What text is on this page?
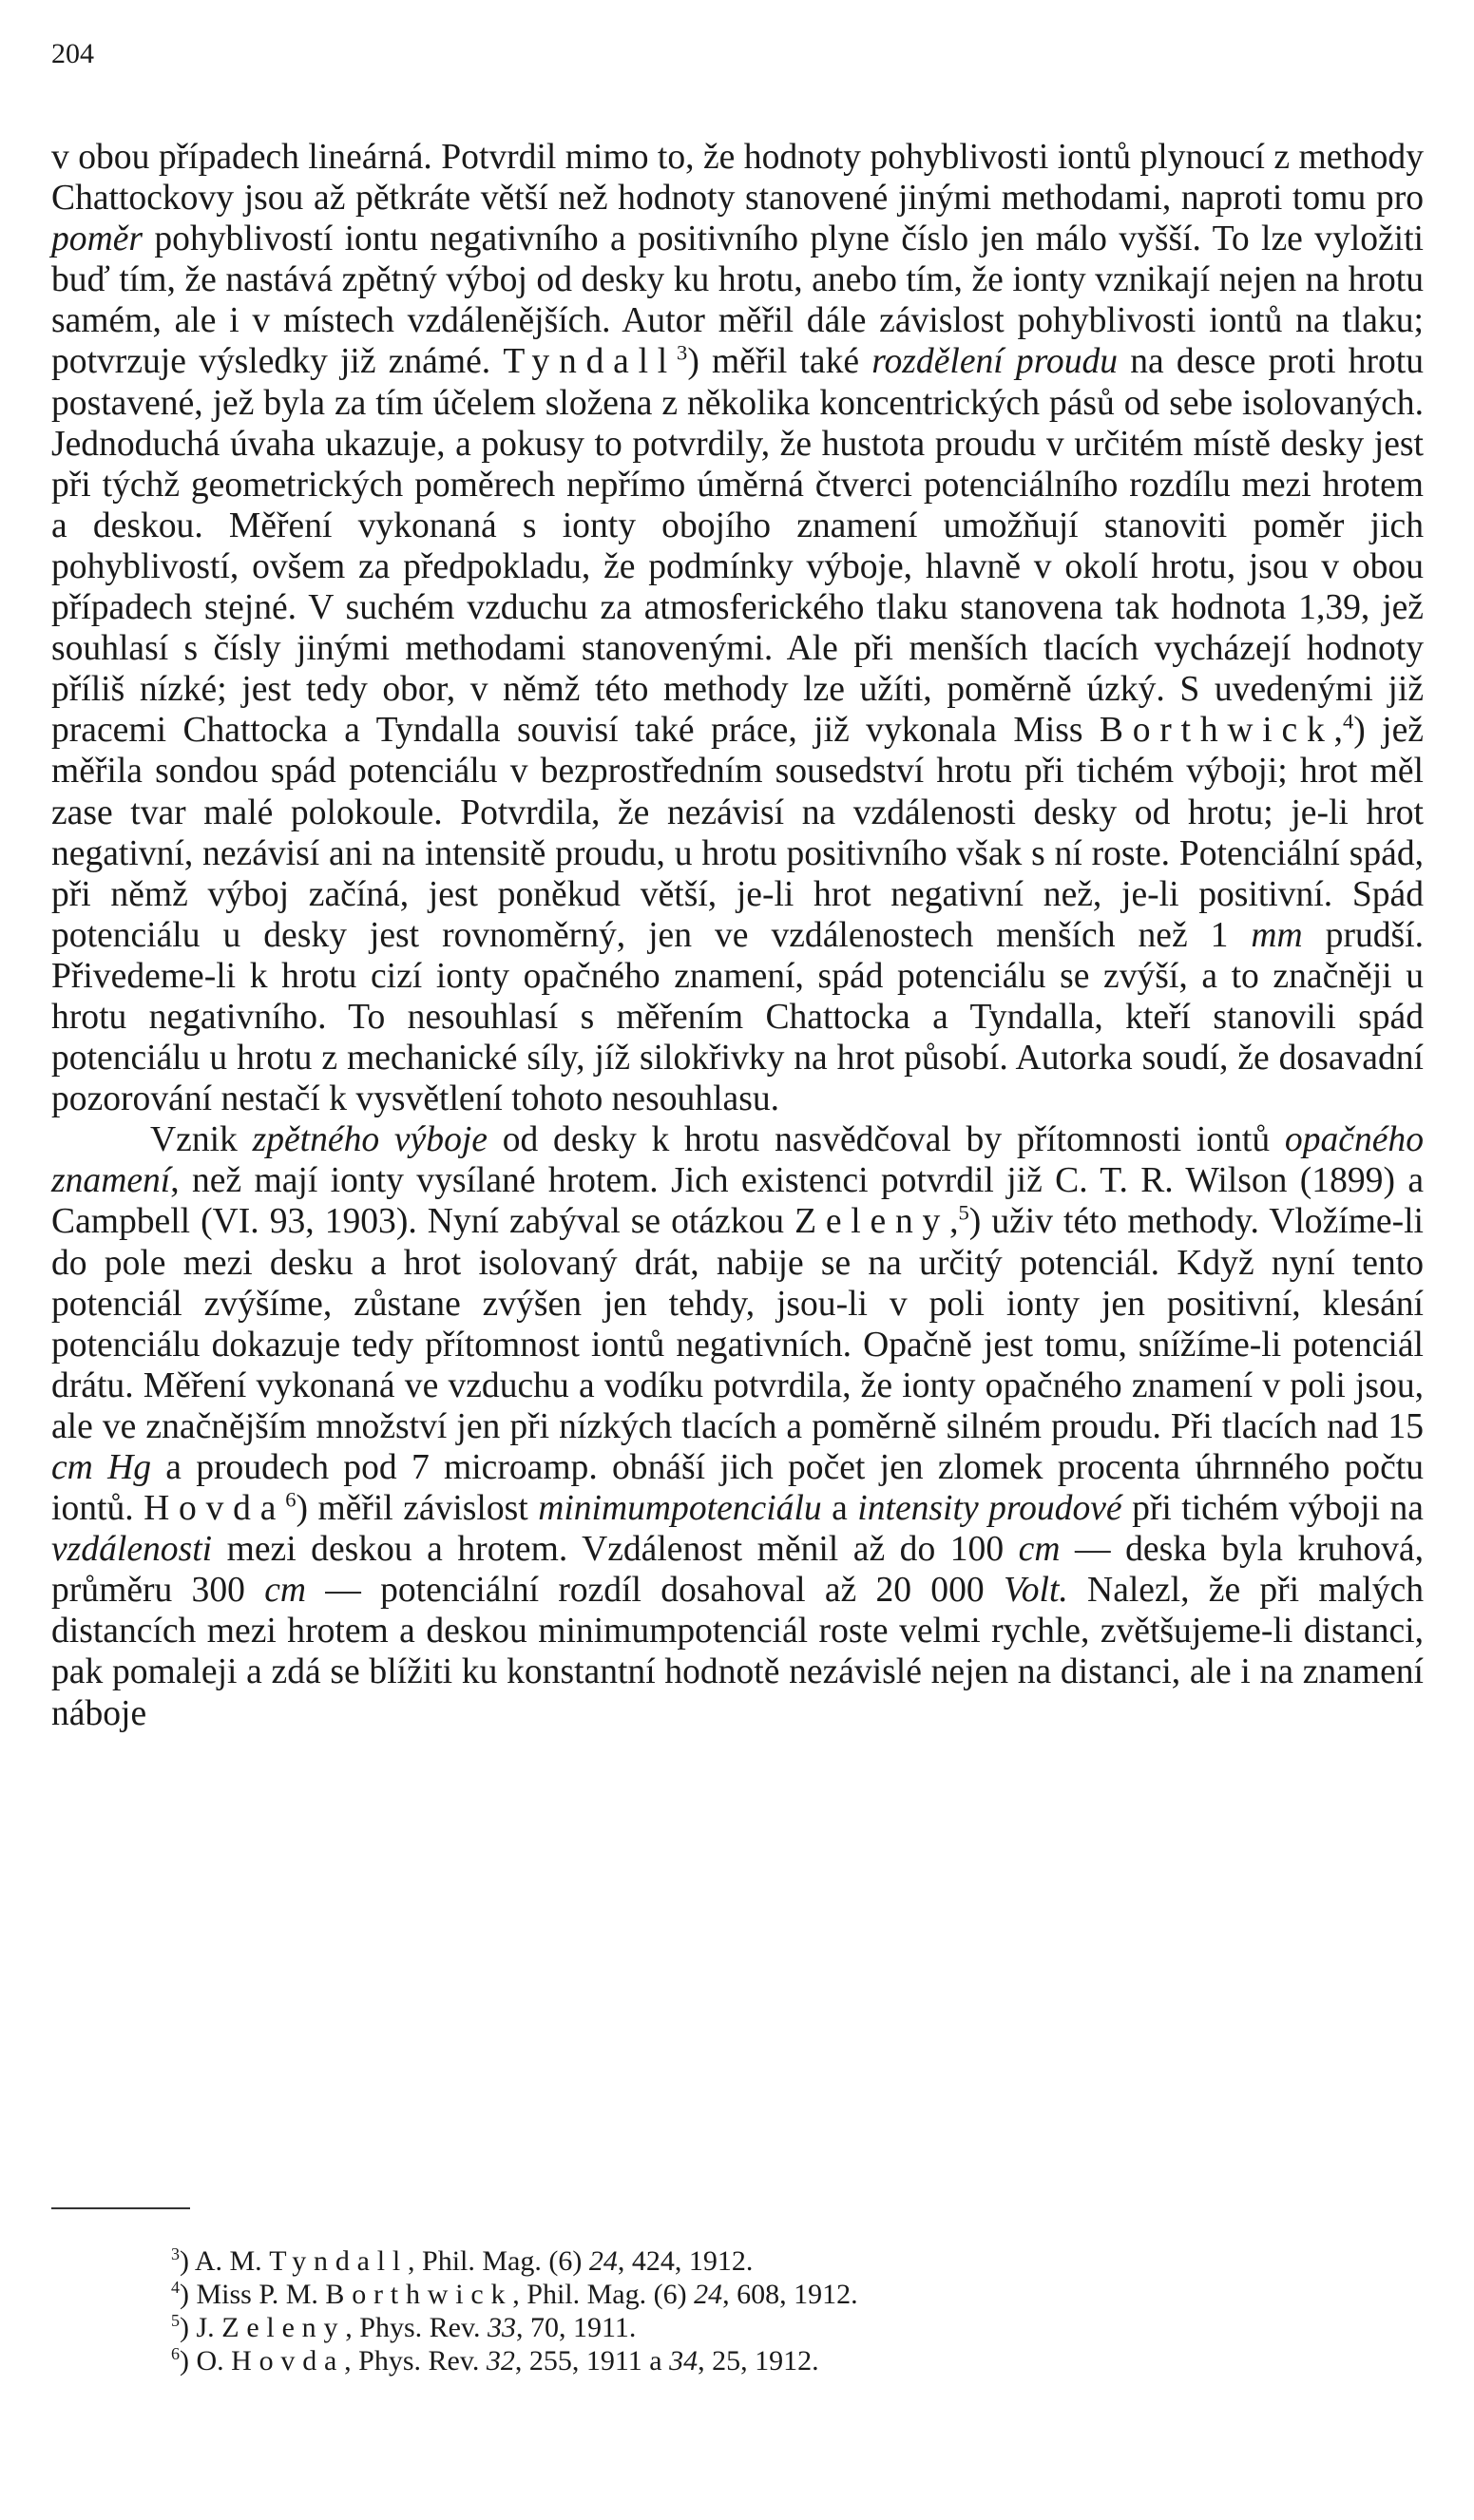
204

v obou případech lineárná. Potvrdil mimo to, že hodnoty pohyblivosti iontů plynoucí z methody Chattockovy jsou až pětkráte větší než hodnoty stanovené jinými methodami, naproti tomu pro poměr pohyblivostí iontu negativního a positivního plyne číslo jen málo vyšší. To lze vyložiti buď tím, že nastává zpětný výboj od desky ku hrotu, anebo tím, že ionty vznikají nejen na hrotu samém, ale i v místech vzdálenějších. Autor měřil dále závislost pohyblivosti iontů na tlaku; potvrzuje výsledky již známé. Tyndall$^3$) měřil také rozdělení proudu na desce proti hrotu postavené, jež byla za tím účelem složena z několika koncentrických pásů od sebe isolovaných. Jednoduchá úvaha ukazuje, a pokusy to potvrdily, že hustota proudu v určitém místě desky jest při týchž geometrických poměrech nepřímo úměrná čtverci potenciálního rozdílu mezi hrotem a deskou. Měření vykonaná s ionty obojího znamení umožňují stanoviti poměr jich pohyblivostí, ovšem za předpokladu, že podmínky výboje, hlavně v okolí hrotu, jsou v obou případech stejné. V suchém vzduchu za atmosferického tlaku stanovena tak hodnota 1,39, jež souhlasí s čísly jinými methodami stanovenými. Ale při menších tlacích vycházejí hodnoty příliš nízké; jest tedy obor, v němž této methody lze užíti, poměrně úzký. S uvedenými již pracemi Chattocka a Tyndalla souvisí také práce, již vykonala Miss Borthwick,$^4$) jež měřila sondou spád potenciálu v bezprostředním sousedství hrotu při tichém výboji; hrot měl zase tvar malé polokoule. Potvrdila, že nezávisí na vzdálenosti desky od hrotu; je-li hrot negativní, nezávisí ani na intensitě proudu, u hrotu positivního však s ní roste. Potenciální spád, při němž výboj začíná, jest poněkud větší, je-li hrot negativní než, je-li positivní. Spád potenciálu u desky jest rovnoměrný, jen ve vzdálenostech menších než 1 mm prudší. Přivedeme-li k hrotu cizí ionty opačného znamení, spád potenciálu se zvýší, a to značněji u hrotu negativního. To nesouhlasí s měřením Chattocka a Tyndalla, kteří stanovili spád potenciálu u hrotu z mechanické síly, jíž silokřivky na hrot působí. Autorka soudí, že dosavadní pozorování nestačí k vysvětlení tohoto nesouhlasu.

Vznik zpětného výboje od desky k hrotu nasvědčoval by přítomnosti iontů opačného znamení, než mají ionty vysílané hrotem. Jich existenci potvrdil již C. T. R. Wilson (1899) a Campbell (VI. 93, 1903). Nyní zabýval se otázkou Zeleny,$^5$) uživ této methody. Vložíme-li do pole mezi desku a hrot isolovaný drát, nabije se na určitý potenciál. Když nyní tento potenciál zvýšíme, zůstane zvýšen jen tehdy, jsou-li v poli ionty jen positivní, klesání potenciálu dokazuje tedy přítomnost iontů negativních. Opačně jest tomu, snížíme-li potenciál drátu. Měření vykonaná ve vzduchu a vodíku potvrdila, že ionty opačného znamení v poli jsou, ale ve značnějším množství jen při nízkých tlacích a poměrně silném proudu. Při tlacích nad 15 cm Hg a proudech pod 7 microamp. obnáší jich počet jen zlomek procenta úhrnného počtu iontů. Hovda$^6$) měřil závislost minimumpotenciálu a intensity proudové při tichém výboji na vzdálenosti mezi deskou a hrotem. Vzdálenost měnil až do 100 cm — deska byla kruhová, průměru 300 cm — potenciální rozdíl dosahoval až 20 000 Volt. Nalezl, že při malých distancích mezi hrotem a deskou minimumpotenciál roste velmi rychle, zvětšujeme-li distanci, pak pomaleji a zdá se blížiti ku konstantní hodnotě nezávislé nejen na distanci, ale i na znamení náboje

$^3$) A. M. Tyndall, Phil. Mag. (6) 24, 424, 1912.

$^4$) Miss P. M. Borthwick, Phil. Mag. (6) 24, 608, 1912.

$^5$) J. Zeleny, Phys. Rev. 33, 70, 1911.

$^6$) O. Hovda, Phys. Rev. 32, 255, 1911 a 34, 25, 1912.
